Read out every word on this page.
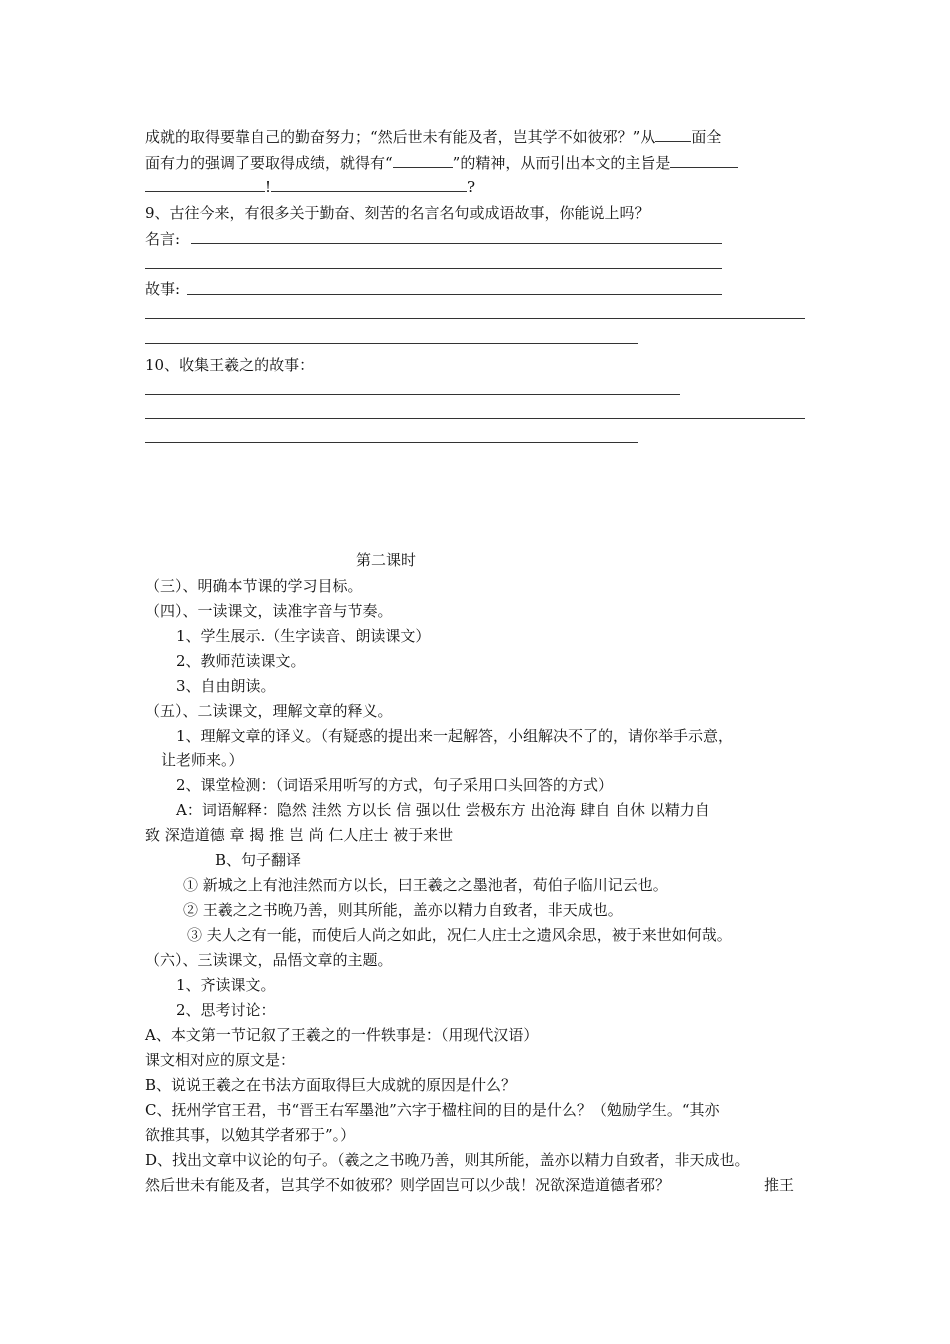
成就的取得要靠自己的勤奋努力；“然后世未有能及者，岂其学不如彼邪？”从 面全
面有力的强调了要取得成绩，就得有“	”的精神，从而引出本文的主旨是
!	?
9、古往今来，有很多关于勤奋、刻苦的名言名句或成语故事，你能说上吗？
名言:
故事:
10、收集王羲之的故事：
第二课时
（三）、明确本节课的学习目标。
（四）、一读课文，读准字音与节奏。
1、学生展示.（生字读音、朗读课文）
2、教师范读课文。
3、自由朗读。
（五）、二读课文，理解文章的释义。
1、理解文章的译义。（有疑惑的提出来一起解答，小组解决不了的，请你举手示意，
让老师来。）
2、课堂检测：（词语采用听写的方式，句子采用口头回答的方式）
A：词语解释：隐然 洼然 方以长 信 强以仕 尝极东方 出沧海 肆自 自休 以精力自
致 深造道德 章 揭 推 岂 尚 仁人庄士 被于来世
B、句子翻译
① 新城之上有池洼然而方以长，曰王羲之之墨池者，荀伯子临川记云也。
② 王羲之之书晚乃善，则其所能，盖亦以精力自致者，非天成也。
③ 夫人之有一能，而使后人尚之如此，况仁人庄士之遗风余思，被于来世如何哉。
（六）、三读课文，品悟文章的主题。
1、齐读课文。
2、思考讨论：
A、本文第一节记叙了王羲之的一件轶事是：（用现代汉语）
课文相对应的原文是：
B、说说王羲之在书法方面取得巨大成就的原因是什么？
C、抚州学官王君，书“晋王右军墨池”六字于楹柱间的目的是什么？（勉励学生。“其亦
欲推其事，以勉其学者邪于”。）
D、找出文章中议论的句子。（羲之之书晚乃善，则其所能，盖亦以精力自致者，非天成也。
然后世未有能及者，岂其学不如彼邪？则学固岂可以少哉！况欲深造道德者邪？	推王
